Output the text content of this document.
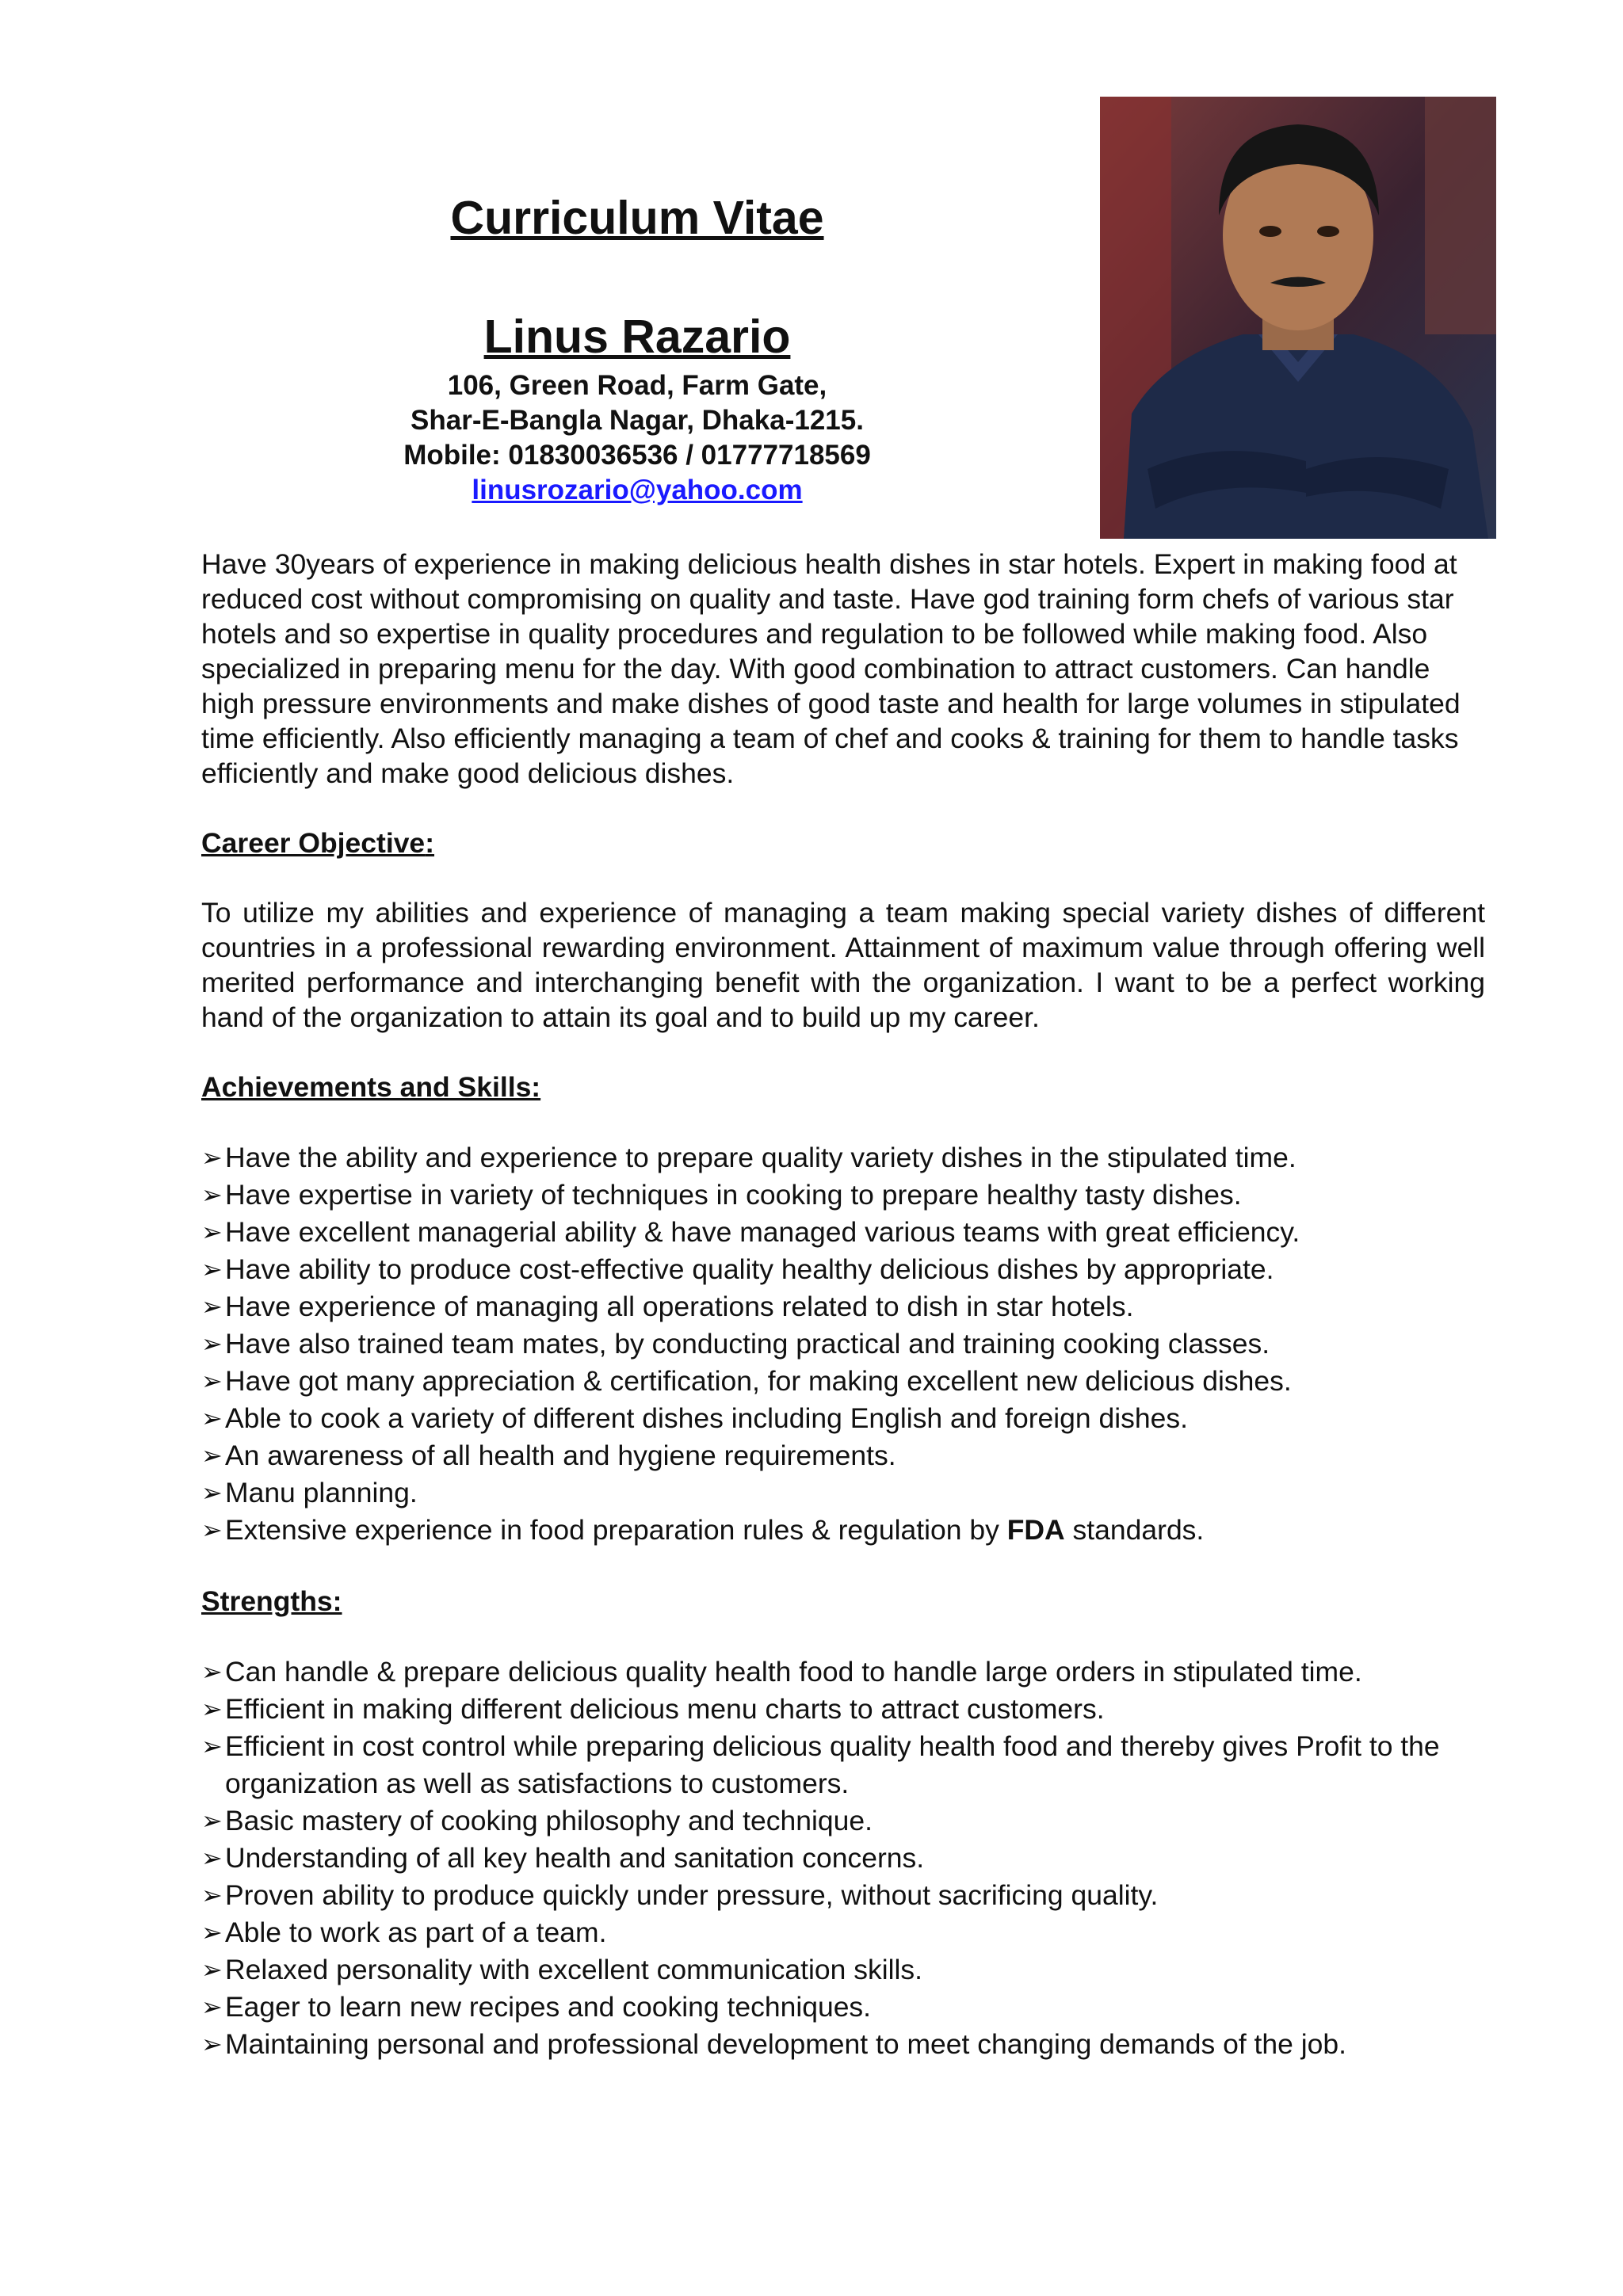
Curriculum Vitae
Linus Razario
106, Green Road, Farm Gate,
Shar-E-Bangla Nagar, Dhaka-1215.
Mobile: 01830036536 / 01777718569
linusrozario@yahoo.com

Have 30years of experience in making delicious health dishes in star hotels. Expert in making food at reduced cost without compromising on quality and taste. Have god training form chefs of various star hotels and so expertise in quality procedures and regulation to be followed while making food. Also specialized in preparing menu for the day. With good combination to attract customers. Can handle high pressure environments and make dishes of good taste and health for large volumes in stipulated time efficiently. Also efficiently managing a team of chef and cooks & training for them to handle tasks efficiently and make good delicious dishes.

Career Objective:

To utilize my abilities and experience of managing a team making special variety dishes of different countries in a professional rewarding environment. Attainment of maximum value through offering well merited performance and interchanging benefit with the organization. I want to be a perfect working hand of the organization to attain its goal and to build up my career.

Achievements and Skills:
➢ Have the ability and experience to prepare quality variety dishes in the stipulated time.
➢ Have expertise in variety of techniques in cooking to prepare healthy tasty dishes.
➢ Have excellent managerial ability & have managed various teams with great efficiency.
➢ Have ability to produce cost-effective quality healthy delicious dishes by appropriate.
➢ Have experience of managing all operations related to dish in star hotels.
➢ Have also trained team mates, by conducting practical and training cooking classes.
➢ Have got many appreciation & certification, for making excellent new delicious dishes.
➢ Able to cook a variety of different dishes including English and foreign dishes.
➢ An awareness of all health and hygiene requirements.
➢ Manu planning.
➢ Extensive experience in food preparation rules & regulation by FDA standards.
Strengths:
➢ Can handle & prepare delicious quality health food to handle large orders in stipulated time.
➢ Efficient in making different delicious menu charts to attract customers.
➢ Efficient in cost control while preparing delicious quality health food and thereby gives Profit to the organization as well as satisfactions to customers.
➢ Basic mastery of cooking philosophy and technique.
➢ Understanding of all key health and sanitation concerns.
➢ Proven ability to produce quickly under pressure, without sacrificing quality.
➢ Able to work as part of a team.
➢ Relaxed personality with excellent communication skills.
➢ Eager to learn new recipes and cooking techniques.
➢ Maintaining personal and professional development to meet changing demands of the job.
